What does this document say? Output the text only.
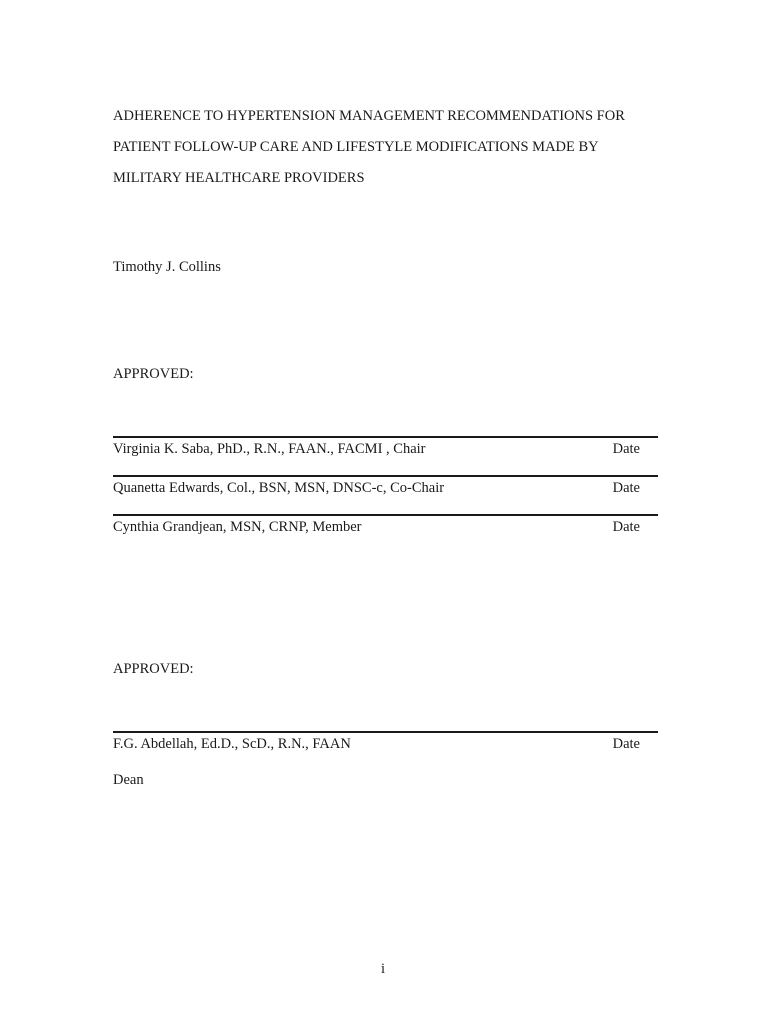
ADHERENCE TO HYPERTENSION MANAGEMENT RECOMMENDATIONS FOR
PATIENT FOLLOW-UP CARE AND LIFESTYLE MODIFICATIONS MADE BY
MILITARY HEALTHCARE PROVIDERS
Timothy J. Collins
APPROVED:
Virginia K. Saba, PhD., R.N., FAAN., FACMI , Chair	Date
Quanetta Edwards, Col., BSN, MSN, DNSC-c, Co-Chair	Date
Cynthia Grandjean, MSN, CRNP, Member	Date
APPROVED:
F.G. Abdellah, Ed.D., ScD., R.N., FAAN	Date
Dean
i
